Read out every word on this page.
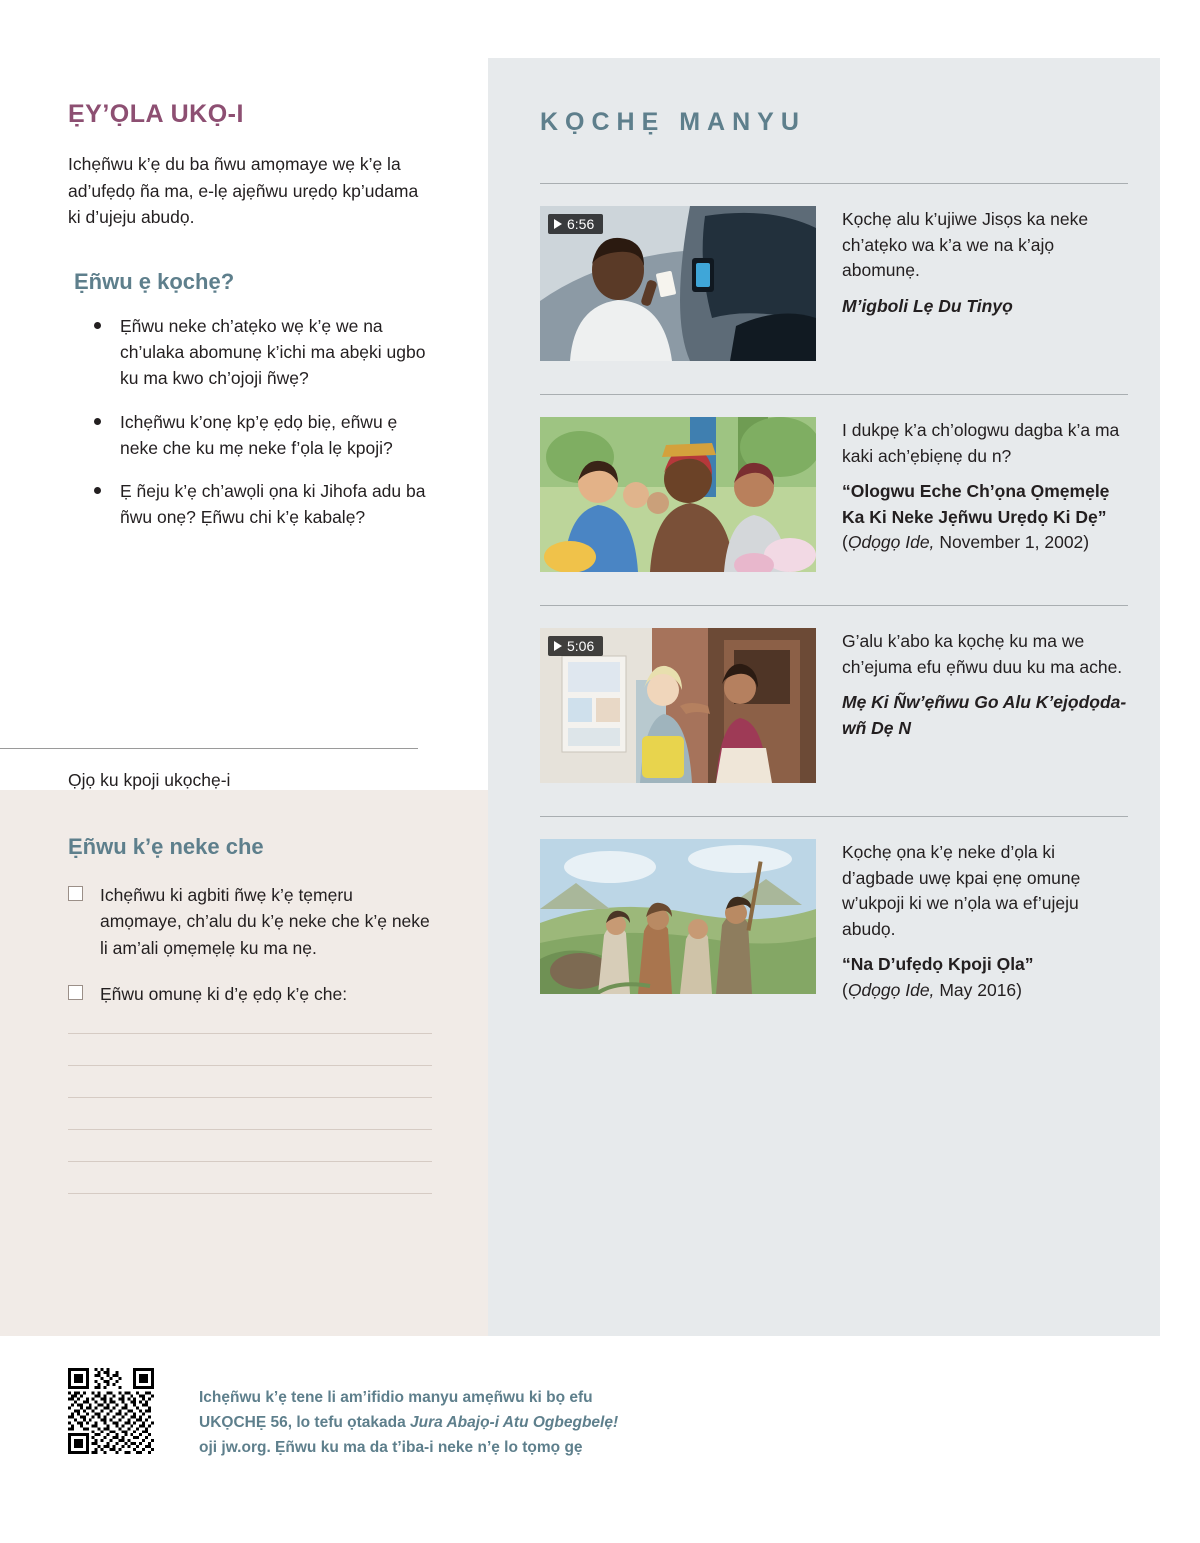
KỌCHẸ MANYU
6:56	Kọchẹ alu k’ujiwe Jisọs ka neke ch’atẹko wa k’a we na k’ajọ abomunẹ.

M’igboli Lẹ Du Tinyọ

I dukpẹ k’a ch’ologwu dagba k’a ma kaki ach’ẹbiẹnẹ du n?

“Ologwu Eche Ch’ọna Ọmẹmẹlẹ Ka Ki Neke Jẹñwu Urẹdọ Ki Dẹ” (Ọdọgọ Ide, November 1, 2002)

5:06	G’alu k’abo ka kọchẹ ku ma we ch’ejuma efu ẹñwu duu ku ma ache.

Mẹ Ki Ñw’ẹñwu Go Alu K’ejọdọda-wñ Dẹ N

Kọchẹ ọna k’ẹ neke d’ọla ki d’agbade uwẹ kpai ẹnẹ omunẹ w’ukpoji ki we n’ọla wa ef’ujeju abudọ.

“Na D’ufẹdọ Kpoji Ọla”

(Ọdọgọ Ide, May 2016)

ẸY’ỌLA UKỌ-I

Ichẹñwu k’ẹ du ba ñwu amọmaye wẹ k’ẹ la ad’ufẹdọ ña ma, e-lẹ ajẹñwu urẹdọ kp’udama ki d’ujeju abudọ.

Ẹñwu ẹ kọchẹ?
Ẹñwu neke ch’atẹko wẹ k’ẹ we na ch’ulaka abomunẹ k’ichi ma abẹki ugbo ku ma kwo ch’ojoji ñwẹ?
Ichẹñwu k’onẹ kp’ẹ ẹdọ biẹ, eñwu ẹ neke che ku mẹ neke f’ọla lẹ kpoji?
Ẹ ñeju k’ẹ ch’awọli ọna ki Jihofa adu ba ñwu onẹ? Ẹñwu chi k’ẹ kabalẹ?
Ọjọ ku kpoji ukọchẹ-i
Ẹñwu k’ẹ neke che
Ichẹñwu ki agbiti ñwẹ k’ẹ tẹmẹru amọmaye, ch’alu du k’ẹ neke che k’ẹ neke li am’ali ọmẹmẹlẹ ku ma nẹ.
Ẹñwu omunẹ ki d’ẹ ẹdọ k’ẹ che:

Ichẹñwu k’ẹ tene li am’ifidio manyu amẹñwu ki bọ efu

UKỌCHẸ 56, lo tefu ọtakada Jura Abajọ-i Atu Ogbegbelẹ!

oji jw.org. Ẹñwu ku ma da t’iba-i neke n’ẹ lo tọmọ gẹ
